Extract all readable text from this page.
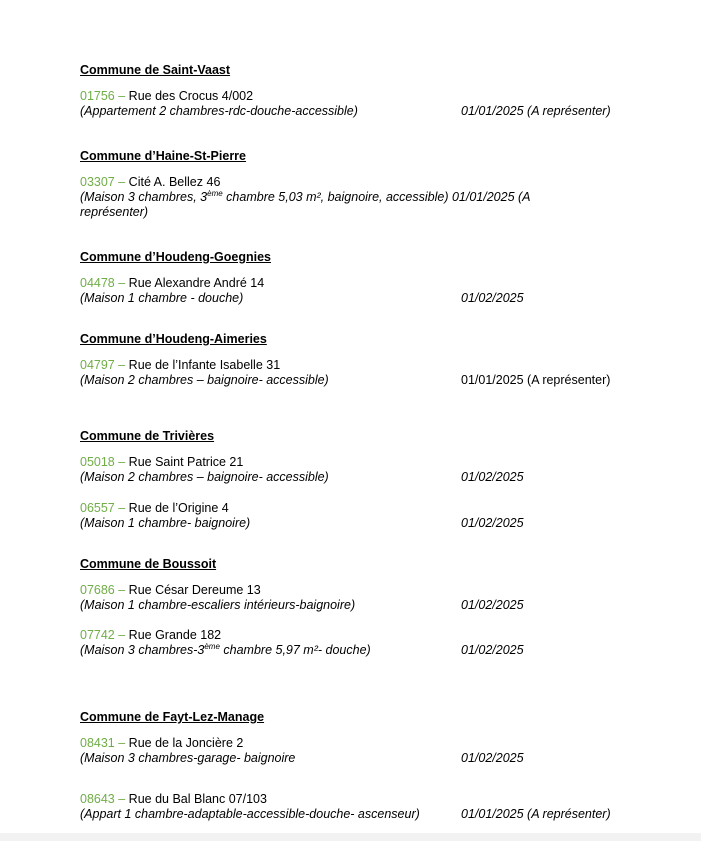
Commune de Saint-Vaast
01756 – Rue des Crocus 4/002
(Appartement 2 chambres-rdc-douche-accessible)	01/01/2025 (A représenter)
Commune d’Haine-St-Pierre
03307 – Cité A. Bellez 46
(Maison 3 chambres, 3ème chambre 5,03 m², baignoire, accessible) 01/01/2025 (A représenter)
Commune d’Houdeng-Goegnies
04478 – Rue Alexandre André 14
(Maison 1 chambre - douche)	01/02/2025
Commune d’Houdeng-Aimeries
04797 – Rue de l’Infante Isabelle 31
(Maison 2 chambres – baignoire- accessible)	01/01/2025 (A représenter)
Commune de Trivières
05018 – Rue Saint Patrice 21
(Maison 2 chambres – baignoire- accessible)	01/02/2025
06557 – Rue de l’Origine 4
(Maison 1 chambre- baignoire)	01/02/2025
Commune de Boussoit
07686 – Rue César Dereume 13
(Maison 1 chambre-escaliers intérieurs-baignoire)	01/02/2025
07742 – Rue Grande 182
(Maison 3 chambres-3ème chambre 5,97 m²- douche)	01/02/2025
Commune de Fayt-Lez-Manage
08431 – Rue de la Joncière 2
(Maison 3 chambres-garage- baignoire	01/02/2025
08643 – Rue du Bal Blanc 07/103
(Appart 1 chambre-adaptable-accessible-douche- ascenseur)	01/01/2025 (A représenter)
